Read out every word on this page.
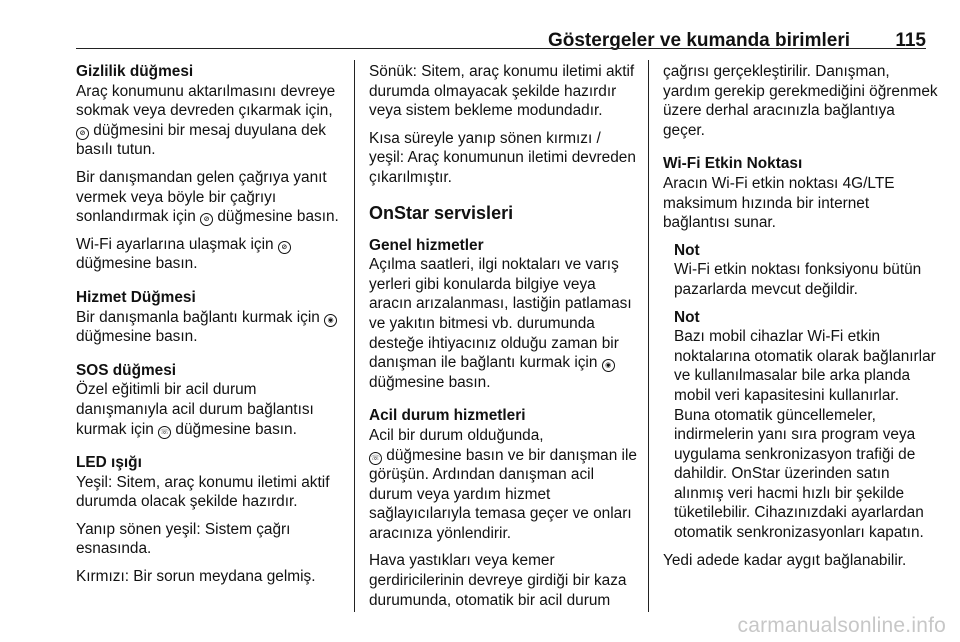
Göstergeler ve kumanda birimleri 115
Gizlilik düğmesi

Araç konumunu aktarılmasını devreye sokmak veya devreden çıkarmak için, ⊘ düğmesini bir mesaj duyulana dek basılı tutun.

Bir danışmandan gelen çağrıya yanıt vermek veya böyle bir çağrıyı sonlandırmak için ⊘ düğmesine basın.

Wi-Fi ayarlarına ulaşmak için ⊘
düğmesine basın.

Hizmet Düğmesi

Bir danışmanla bağlantı kurmak için ◉ düğmesine basın.

SOS düğmesi

Özel eğitimli bir acil durum danışmanıyla acil durum bağlantısı kurmak için ☏ düğmesine basın.

LED ışığı

Yeşil: Sitem, araç konumu iletimi aktif durumda olacak şekilde hazırdır.

Yanıp sönen yeşil: Sistem çağrı esnasında.

Kırmızı: Bir sorun meydana gelmiş.

Sönük: Sitem, araç konumu iletimi aktif durumda olmayacak şekilde hazırdır veya sistem bekleme modundadır.

Kısa süreyle yanıp sönen kırmızı / yeşil: Araç konumunun iletimi devreden çıkarılmıştır.

OnStar servisleri
Genel hizmetler

Açılma saatleri, ilgi noktaları ve varış yerleri gibi konularda bilgiye veya aracın arızalanması, lastiğin patlaması ve yakıtın bitmesi vb. durumunda desteğe ihtiyacınız olduğu zaman bir danışman ile bağlantı kurmak için ◉ düğmesine basın.

Acil durum hizmetleri

Acil bir durum olduğunda,
☏ düğmesine basın ve bir danışman ile görüşün. Ardından danışman acil durum veya yardım hizmet sağlayıcılarıyla temasa geçer ve onları aracınıza yönlendirir.

Hava yastıkları veya kemer gerdiricilerinin devreye girdiği bir kaza durumunda, otomatik bir acil durum

çağrısı gerçekleştirilir. Danışman, yardım gerekip gerekmediğini öğrenmek üzere derhal aracınızla bağlantıya geçer.

Wi-Fi Etkin Noktası

Aracın Wi-Fi etkin noktası 4G/LTE maksimum hızında bir internet bağlantısı sunar.

Not
Wi-Fi etkin noktası fonksiyonu bütün pazarlarda mevcut değildir.
Not
Bazı mobil cihazlar Wi-Fi etkin noktalarına otomatik olarak bağlanırlar ve kullanılmasalar bile arka planda mobil veri kapasitesini kullanırlar. Buna otomatik güncellemeler, indirmelerin yanı sıra program veya uygulama senkronizasyon trafiği de dahildir. OnStar üzerinden satın alınmış veri hacmi hızlı bir şekilde tüketilebilir. Cihazınızdaki ayarlardan otomatik senkronizasyonları kapatın.

Yedi adede kadar aygıt bağlanabilir.

carmanualsonline.info
